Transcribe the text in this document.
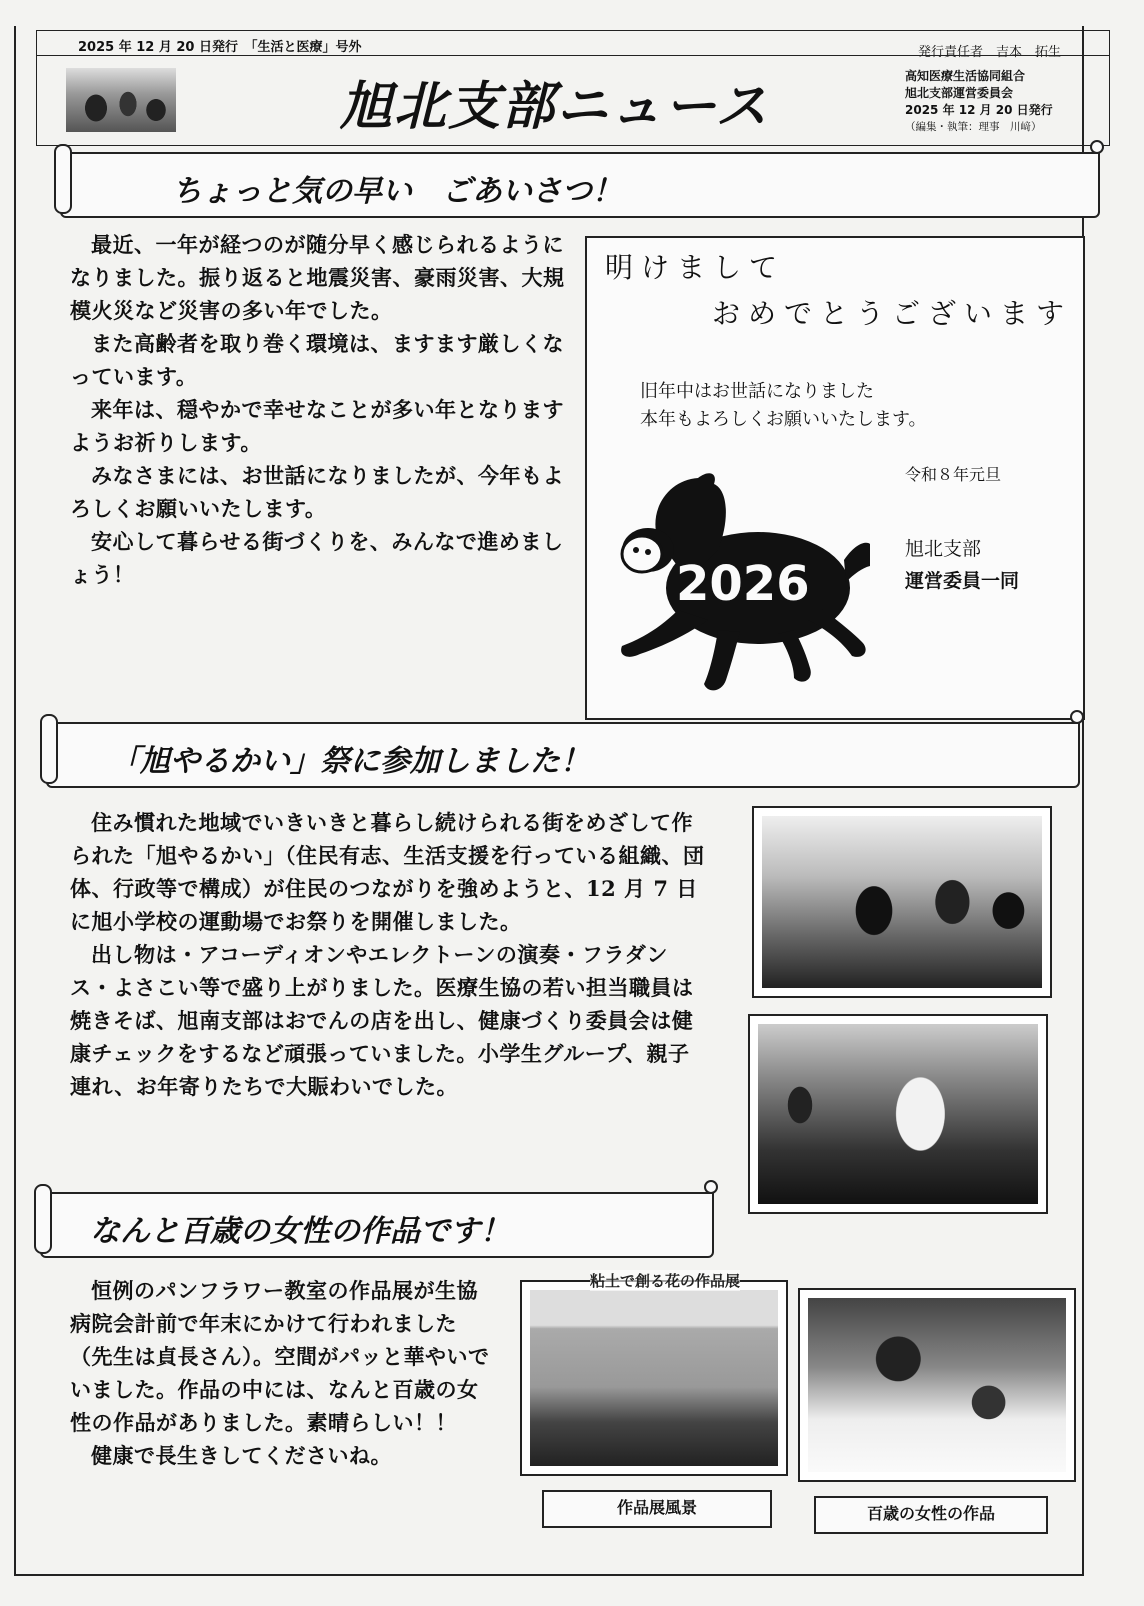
2025 年 12 月 20 日発行　「生活と医療」号外	発行責任者　吉本　拓生
旭北支部ニュース
高知医療生活協同組合
旭北支部運営委員会
2025 年 12 月 20 日発行
（編集・執筆：理事　川﨑）
ちょっと気の早い　ごあいさつ！

最近、一年が経つのが随分早く感じられるようになりました。振り返ると地震災害、豪雨災害、大規模火災など災害の多い年でした。

また高齢者を取り巻く環境は、ますます厳しくなっています。

来年は、穏やかで幸せなことが多い年となりますようお祈りします。

みなさまには、お世話になりましたが、今年もよろしくお願いいたします。

安心して暮らせる街づくりを、みんなで進めましょう！

明けまして
おめでとうございます
旧年中はお世話になりました
本年もよろしくお願いいたします。
令和８年元旦
旭北支部
運営委員一同
2026
「旭やるかい」祭に参加しました！

住み慣れた地域でいきいきと暮らし続けられる街をめざして作られた「旭やるかい」（住民有志、生活支援を行っている組織、団体、行政等で構成）が住民のつながりを強めようと、12 月 7 日に旭小学校の運動場でお祭りを開催しました。

出し物は・アコーディオンやエレクトーンの演奏・フラダンス・よさこい等で盛り上がりました。医療生協の若い担当職員は焼きそば、旭南支部はおでんの店を出し、健康づくり委員会は健康チェックをするなど頑張っていました。小学生グループ、親子連れ、お年寄りたちで大賑わいでした。

なんと百歳の女性の作品です！

恒例のパンフラワー教室の作品展が生協病院会計前で年末にかけて行われました（先生は貞長さん）。空間がパッと華やいでいました。作品の中には、なんと百歳の女性の作品がありました。素晴らしい！！

健康で長生きしてくださいね。

粘土で創る花の作品展
作品展風景	百歳の女性の作品
